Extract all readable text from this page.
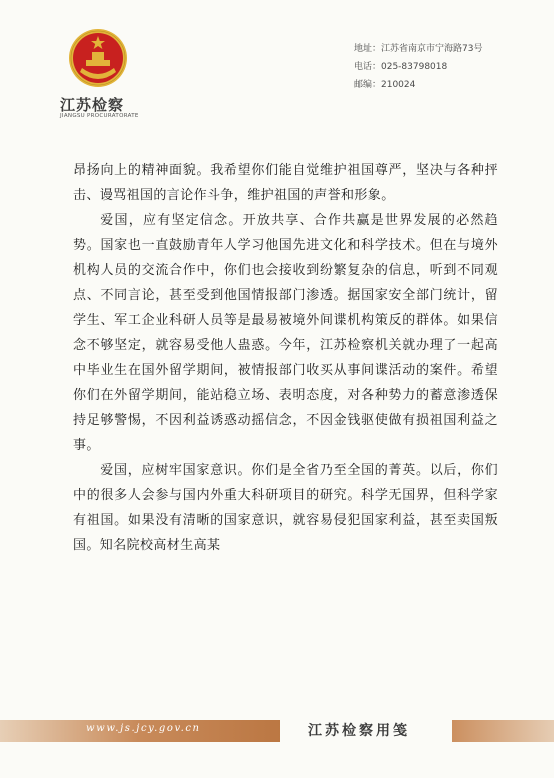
江苏检察
JIANGSU PROCURATORATE
地址：江苏省南京市宁海路73号
电话：025-83798018
邮编：210024

昂扬向上的精神面貌。我希望你们能自觉维护祖国尊严，坚决与各种抨击、谩骂祖国的言论作斗争，维护祖国的声誉和形象。

爱国，应有坚定信念。开放共享、合作共赢是世界发展的必然趋势。国家也一直鼓励青年人学习他国先进文化和科学技术。但在与境外机构人员的交流合作中，你们也会接收到纷繁复杂的信息，听到不同观点、不同言论，甚至受到他国情报部门渗透。据国家安全部门统计，留学生、军工企业科研人员等是最易被境外间谍机构策反的群体。如果信念不够坚定，就容易受他人蛊惑。今年，江苏检察机关就办理了一起高中毕业生在国外留学期间，被情报部门收买从事间谍活动的案件。希望你们在外留学期间，能站稳立场、表明态度，对各种势力的蓄意渗透保持足够警惕，不因利益诱惑动摇信念，不因金钱驱使做有损祖国利益之事。

爱国，应树牢国家意识。你们是全省乃至全国的菁英。以后，你们中的很多人会参与国内外重大科研项目的研究。科学无国界，但科学家有祖国。如果没有清晰的国家意识，就容易侵犯国家利益，甚至卖国叛国。知名院校高材生高某

www.js.jcy.gov.cn	江苏检察用笺
